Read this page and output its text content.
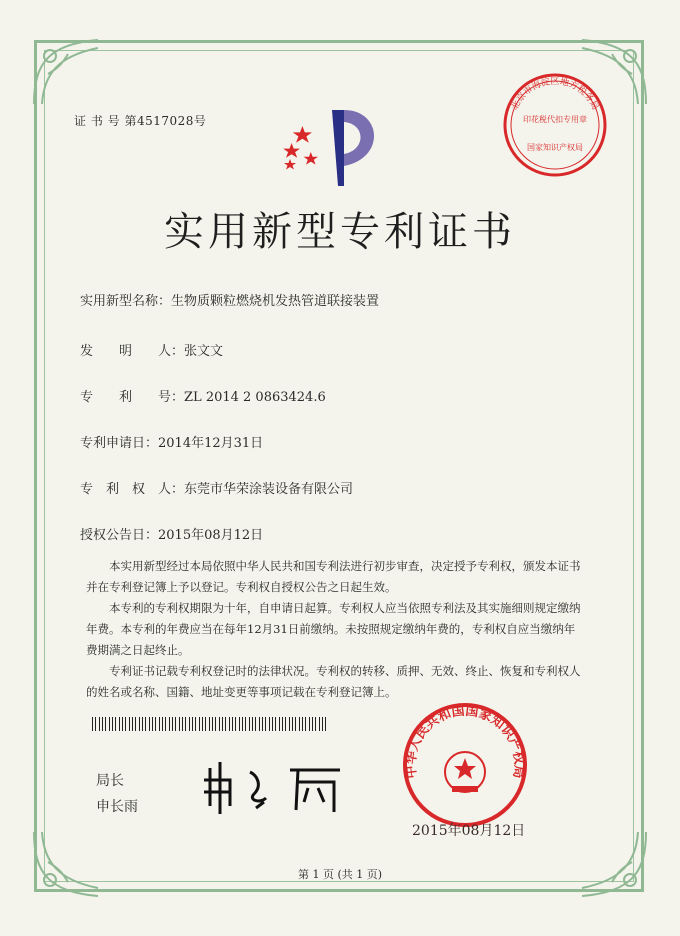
证 书 号 第4517028号
北京市海淀区地方税务局
印花税代扣专用章
国家知识产权局
实用新型专利证书
实用新型名称：生物质颗粒燃烧机发热管道联接装置
发　　明　　人：张文文
专　　利　　号：ZL 2014 2 0863424.6
专利申请日：2014年12月31日
专　利　权　人：东莞市华荣涂装设备有限公司
授权公告日：2015年08月12日

本实用新型经过本局依照中华人民共和国专利法进行初步审查，决定授予专利权，颁发本证书并在专利登记簿上予以登记。专利权自授权公告之日起生效。

本专利的专利权期限为十年，自申请日起算。专利权人应当依照专利法及其实施细则规定缴纳年费。本专利的年费应当在每年12月31日前缴纳。未按照规定缴纳年费的，专利权自应当缴纳年费期满之日起终止。

专利证书记载专利权登记时的法律状况。专利权的转移、质押、无效、终止、恢复和专利权人的姓名或名称、国籍、地址变更等事项记载在专利登记簿上。

局长
申长雨
中华人民共和国国家知识产权局
2015年08月12日
第 1 页 (共 1 页)
